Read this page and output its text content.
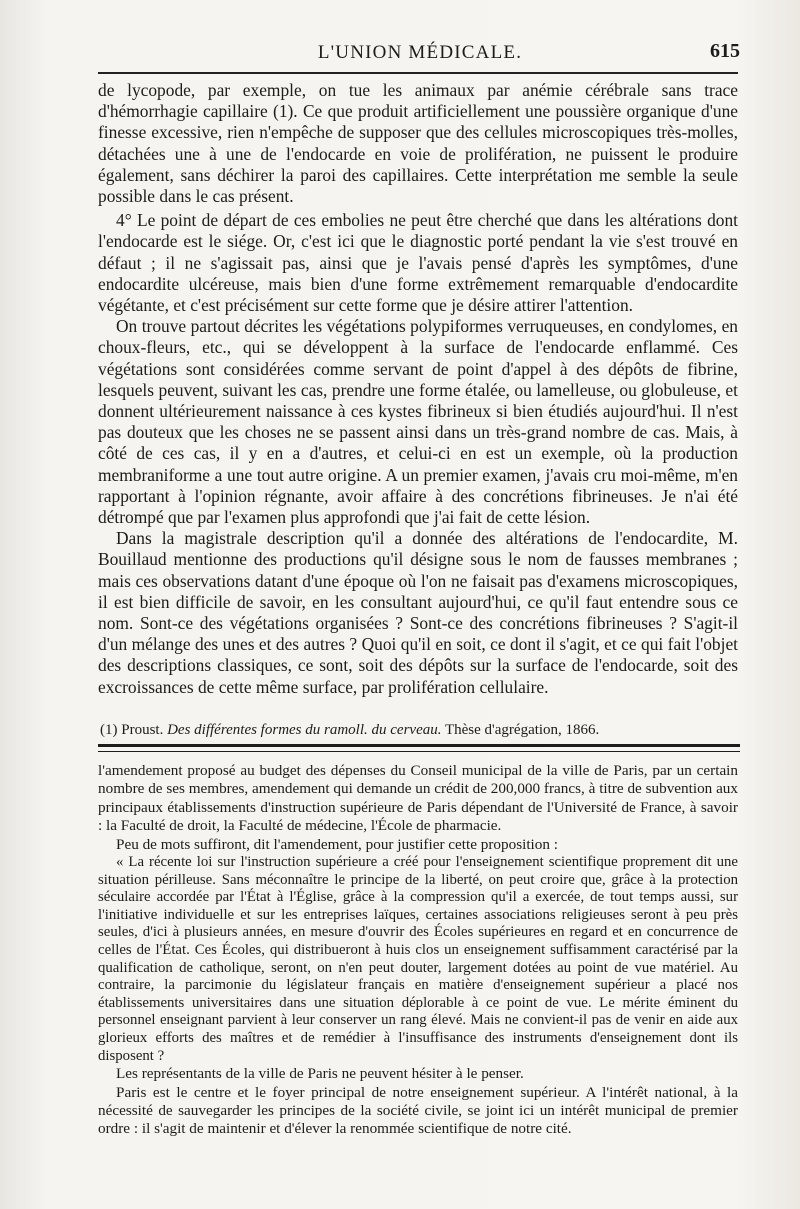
L'UNION MÉDICALE.	615

de lycopode, par exemple, on tue les animaux par anémie cérébrale sans trace d'hémorrhagie capillaire (1). Ce que produit artificiellement une poussière organique d'une finesse excessive, rien n'empêche de supposer que des cellules microscopiques très-molles, détachées une à une de l'endocarde en voie de prolifération, ne puissent le produire également, sans déchirer la paroi des capillaires. Cette interprétation me semble la seule possible dans le cas présent.

4° Le point de départ de ces embolies ne peut être cherché que dans les altérations dont l'endocarde est le siége. Or, c'est ici que le diagnostic porté pendant la vie s'est trouvé en défaut ; il ne s'agissait pas, ainsi que je l'avais pensé d'après les symptômes, d'une endocardite ulcéreuse, mais bien d'une forme extrêmement remarquable d'endocardite végétante, et c'est précisément sur cette forme que je désire attirer l'attention.

On trouve partout décrites les végétations polypiformes verruqueuses, en condylomes, en choux-fleurs, etc., qui se développent à la surface de l'endocarde enflammé. Ces végétations sont considérées comme servant de point d'appel à des dépôts de fibrine, lesquels peuvent, suivant les cas, prendre une forme étalée, ou lamelleuse, ou globuleuse, et donnent ultérieurement naissance à ces kystes fibrineux si bien étudiés aujourd'hui. Il n'est pas douteux que les choses ne se passent ainsi dans un très-grand nombre de cas. Mais, à côté de ces cas, il y en a d'autres, et celui-ci en est un exemple, où la production membraniforme a une tout autre origine. A un premier examen, j'avais cru moi-même, m'en rapportant à l'opinion régnante, avoir affaire à des concrétions fibrineuses. Je n'ai été détrompé que par l'examen plus approfondi que j'ai fait de cette lésion.

Dans la magistrale description qu'il a donnée des altérations de l'endocardite, M. Bouillaud mentionne des productions qu'il désigne sous le nom de fausses membranes ; mais ces observations datant d'une époque où l'on ne faisait pas d'examens microscopiques, il est bien difficile de savoir, en les consultant aujourd'hui, ce qu'il faut entendre sous ce nom. Sont-ce des végétations organisées ? Sont-ce des concrétions fibrineuses ? S'agit-il d'un mélange des unes et des autres ? Quoi qu'il en soit, ce dont il s'agit, et ce qui fait l'objet des descriptions classiques, ce sont, soit des dépôts sur la surface de l'endocarde, soit des excroissances de cette même surface, par prolifération cellulaire.

(1) Proust. Des différentes formes du ramoll. du cerveau. Thèse d'agrégation, 1866.

l'amendement proposé au budget des dépenses du Conseil municipal de la ville de Paris, par un certain nombre de ses membres, amendement qui demande un crédit de 200,000 francs, à titre de subvention aux principaux établissements d'instruction supérieure de Paris dépendant de l'Université de France, à savoir : la Faculté de droit, la Faculté de médecine, l'École de pharmacie.

Peu de mots suffiront, dit l'amendement, pour justifier cette proposition :

« La récente loi sur l'instruction supérieure a créé pour l'enseignement scientifique proprement dit une situation périlleuse. Sans méconnaître le principe de la liberté, on peut croire que, grâce à la protection séculaire accordée par l'État à l'Église, grâce à la compression qu'il a exercée, de tout temps aussi, sur l'initiative individuelle et sur les entreprises laïques, certaines associations religieuses seront à peu près seules, d'ici à plusieurs années, en mesure d'ouvrir des Écoles supérieures en regard et en concurrence de celles de l'État. Ces Écoles, qui distribueront à huis clos un enseignement suffisamment caractérisé par la qualification de catholique, seront, on n'en peut douter, largement dotées au point de vue matériel. Au contraire, la parcimonie du législateur français en matière d'enseignement supérieur a placé nos établissements universitaires dans une situation déplorable à ce point de vue. Le mérite éminent du personnel enseignant parvient à leur conserver un rang élevé. Mais ne convient-il pas de venir en aide aux glorieux efforts des maîtres et de remédier à l'insuffisance des instruments d'enseignement dont ils disposent ?

Les représentants de la ville de Paris ne peuvent hésiter à le penser.

Paris est le centre et le foyer principal de notre enseignement supérieur. A l'intérêt national, à la nécessité de sauvegarder les principes de la société civile, se joint ici un intérêt municipal de premier ordre : il s'agit de maintenir et d'élever la renommée scientifique de notre cité.
